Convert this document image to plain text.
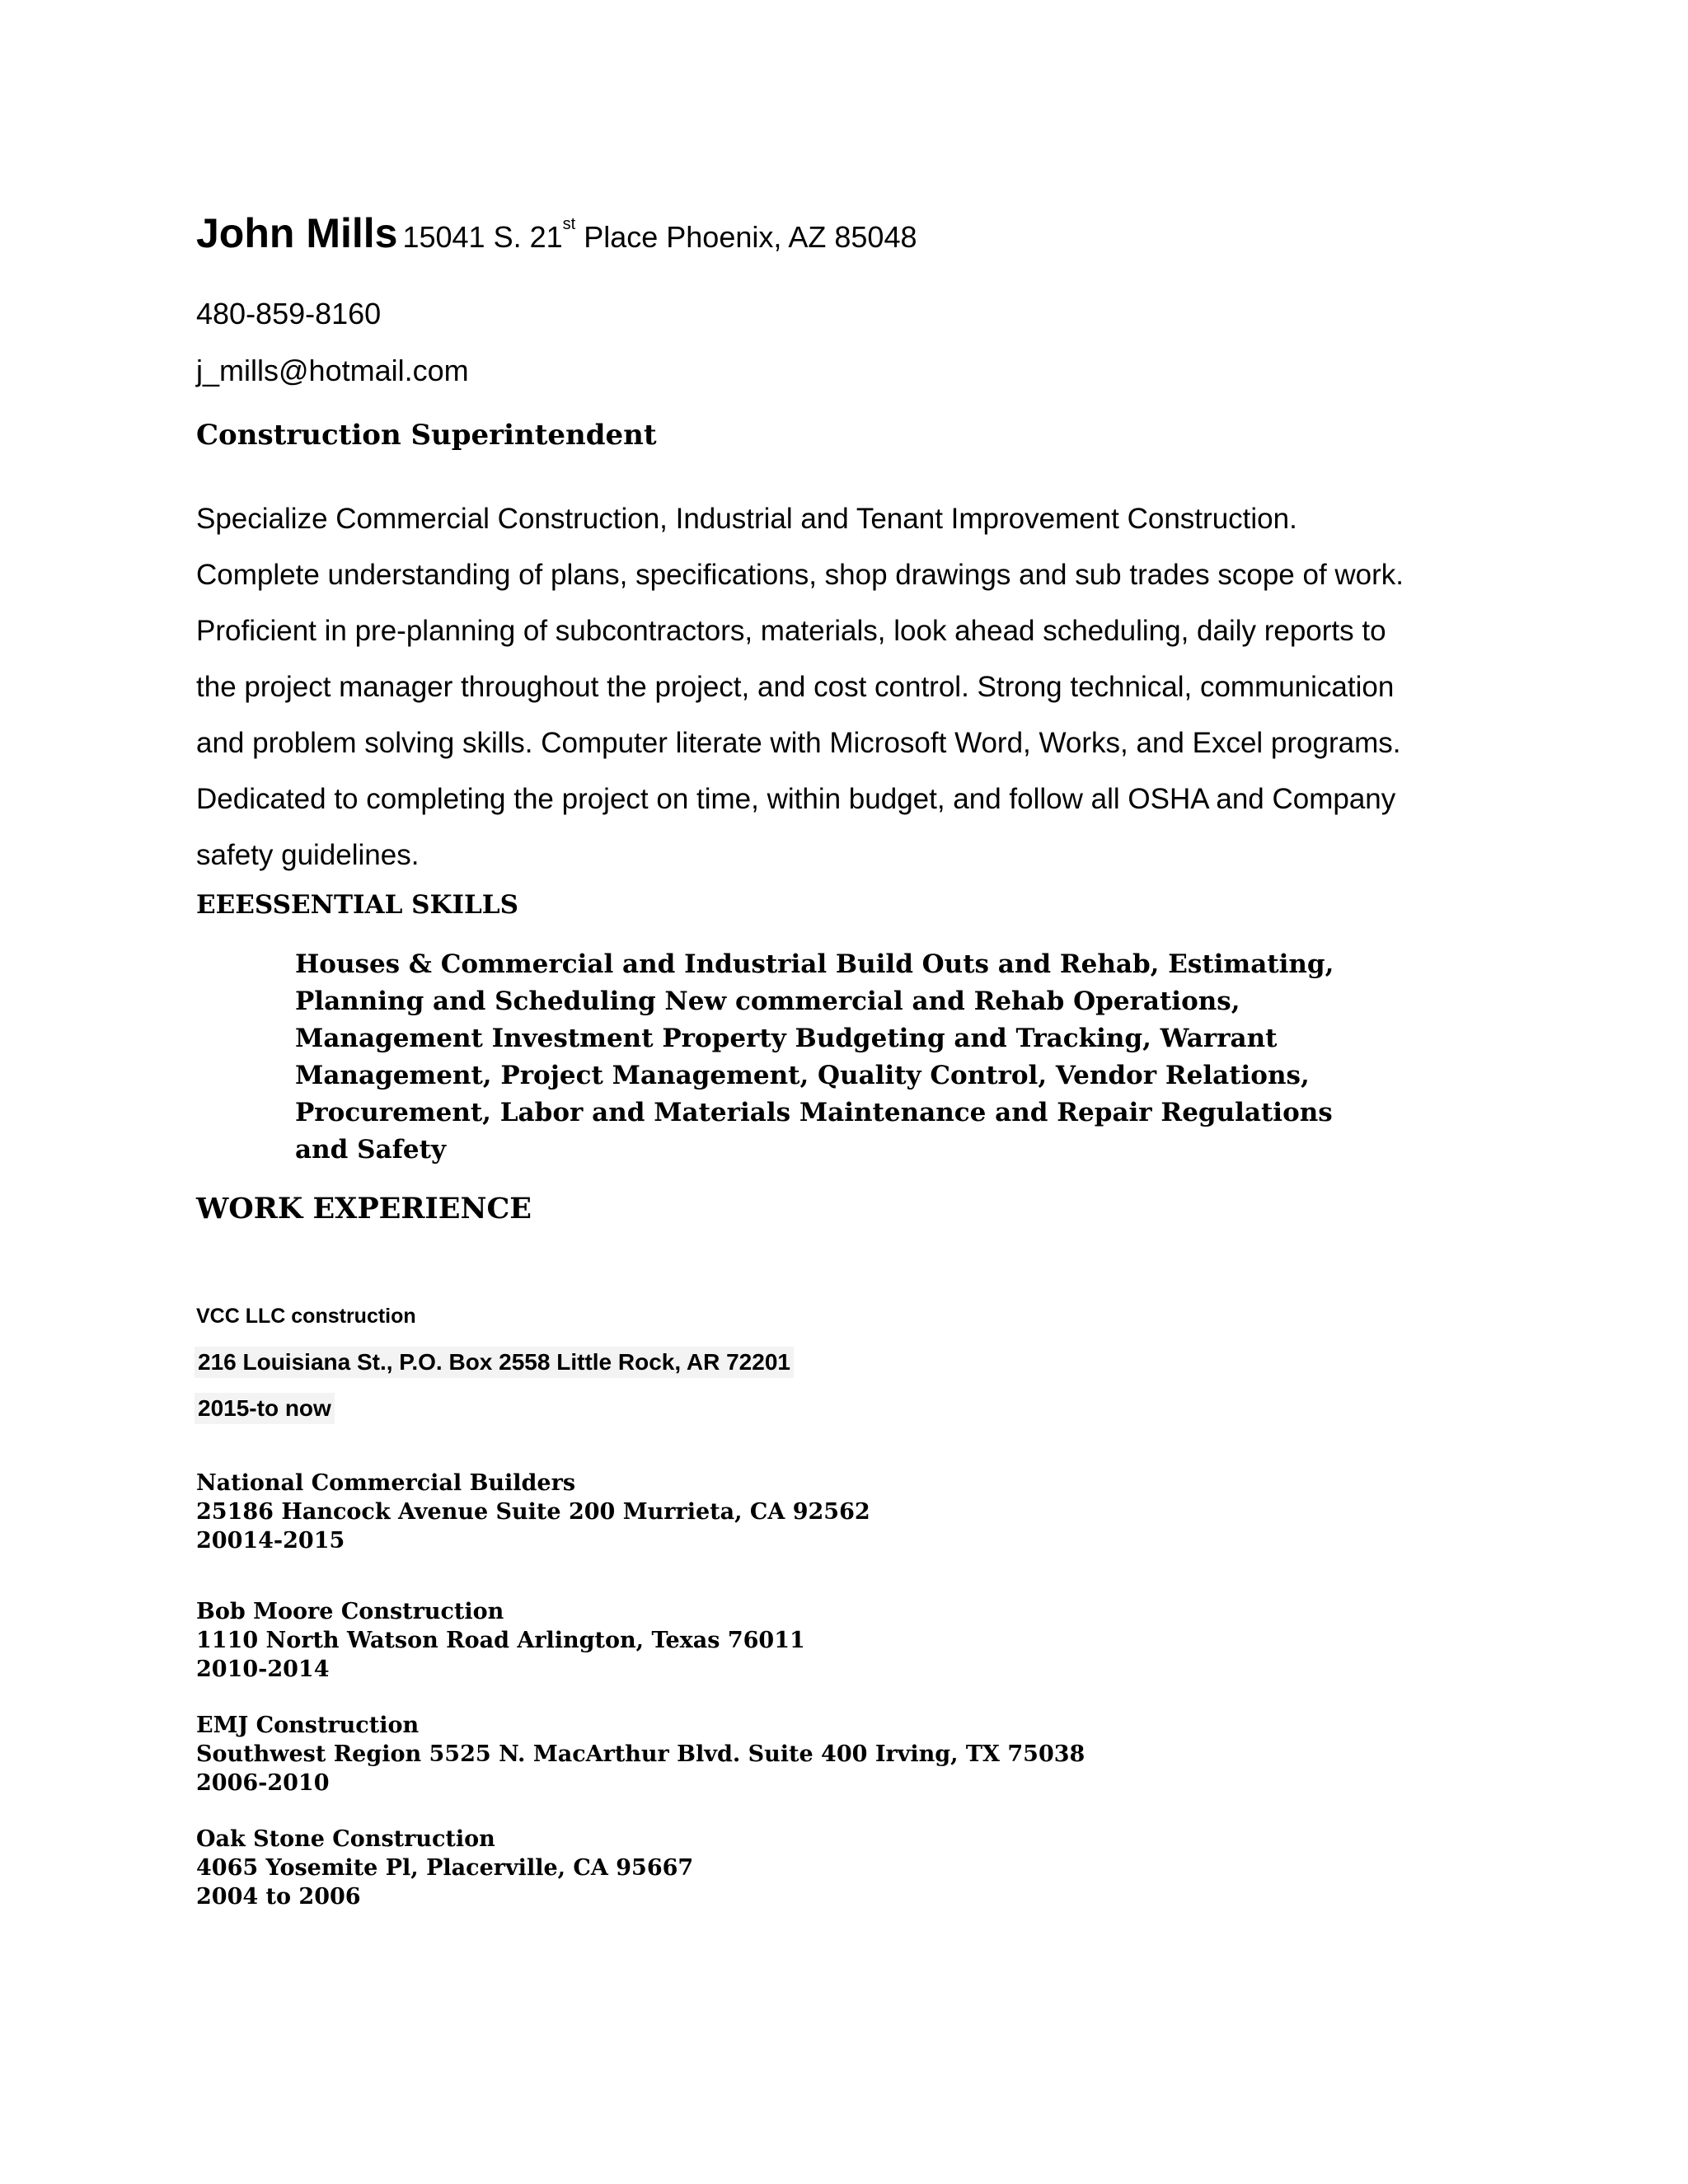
John Mills 15041 S. 21st Place Phoenix, AZ 85048
480-859-8160
j_mills@hotmail.com
Construction Superintendent
Specialize Commercial Construction, Industrial and Tenant Improvement Construction.
Complete understanding of plans, specifications, shop drawings and sub trades scope of work.
Proficient in pre-planning of subcontractors, materials, look ahead scheduling, daily reports to
the project manager throughout the project, and cost control. Strong technical, communication
and problem solving skills. Computer literate with Microsoft Word, Works, and Excel programs.
Dedicated to completing the project on time, within budget, and follow all OSHA and Company
safety guidelines.
EEESSENTIAL SKILLS
Houses & Commercial and Industrial Build Outs and Rehab, Estimating,
Planning and Scheduling New commercial and Rehab Operations,
Management Investment Property Budgeting and Tracking, Warrant
Management, Project Management, Quality Control, Vendor Relations,
Procurement, Labor and Materials Maintenance and Repair Regulations
and Safety
WORK EXPERIENCE
VCC LLC construction
216 Louisiana St., P.O. Box 2558 Little Rock, AR 72201
2015-to now
National Commercial Builders
25186 Hancock Avenue Suite 200 Murrieta, CA 92562
20014-2015
Bob Moore Construction
1110 North Watson Road Arlington, Texas 76011
2010-2014
EMJ Construction
Southwest Region 5525 N. MacArthur Blvd. Suite 400 Irving, TX 75038
2006-2010
Oak Stone Construction
4065 Yosemite Pl, Placerville, CA 95667
2004 to 2006
